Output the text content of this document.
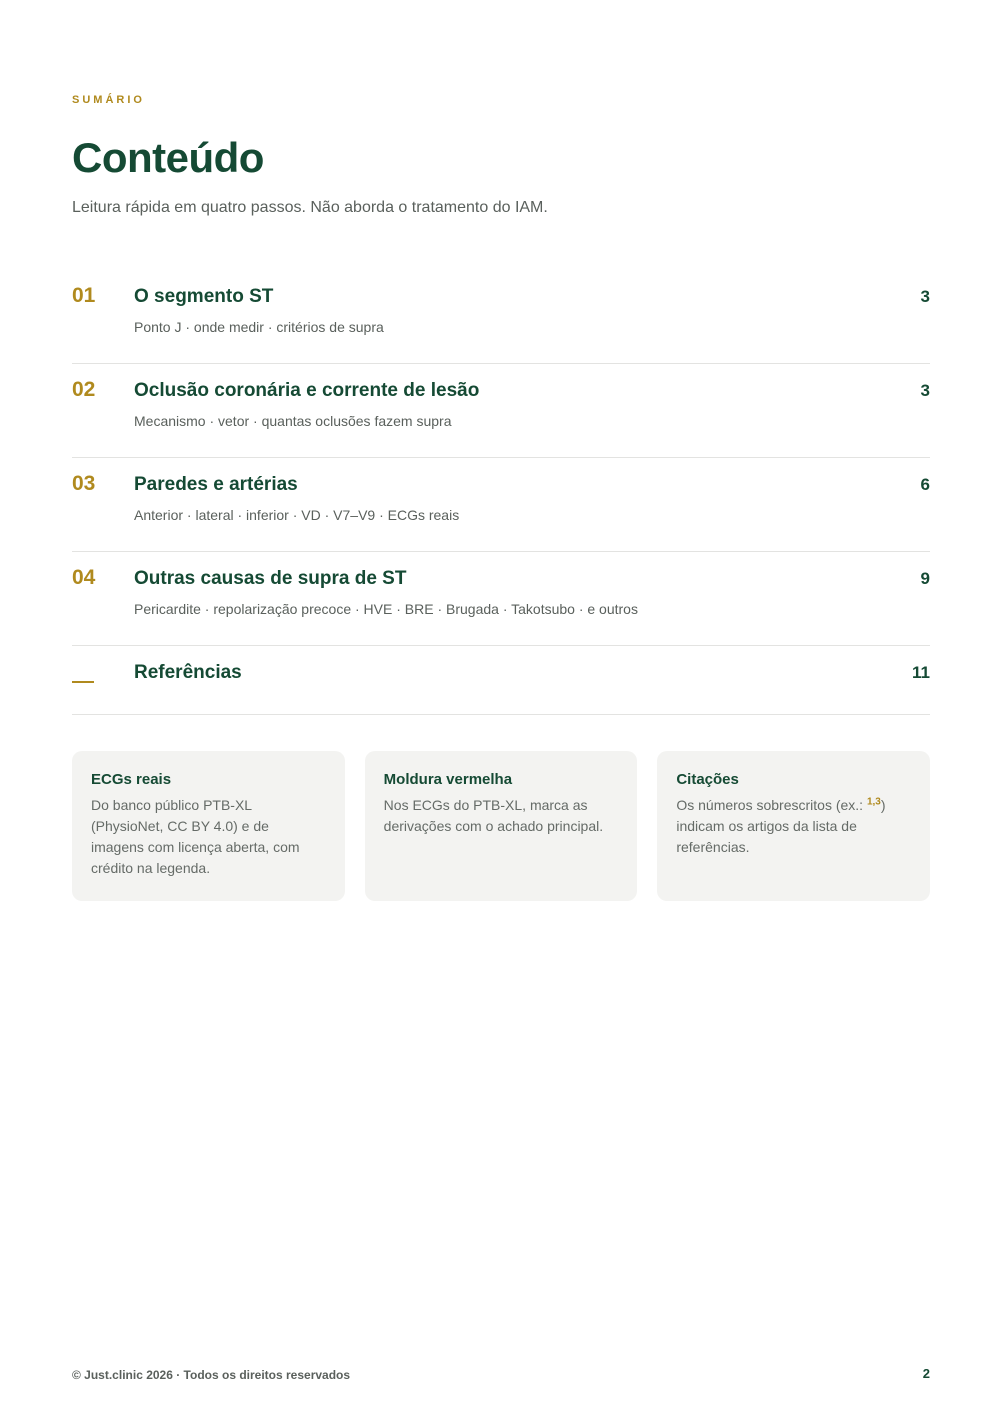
SUMÁRIO
Conteúdo
Leitura rápida em quatro passos. Não aborda o tratamento do IAM.
01 O segmento ST
Ponto J · onde medir · critérios de supra
3
02 Oclusão coronária e corrente de lesão
Mecanismo · vetor · quantas oclusões fazem supra
3
03 Paredes e artérias
Anterior · lateral · inferior · VD · V7–V9 · ECGs reais
6
04 Outras causas de supra de ST
Pericardite · repolarização precoce · HVE · BRE · Brugada · Takotsubo · e outros
9
Referências	11
ECGs reais
Do banco público PTB-XL (PhysioNet, CC BY 4.0) e de imagens com licença aberta, com crédito na legenda.
Moldura vermelha
Nos ECGs do PTB-XL, marca as derivações com o achado principal.
Citações
Os números sobrescritos (ex.: $^{1,3}$) indicam os artigos da lista de referências.
© Just.clinic 2026 · Todos os direitos reservados	2
